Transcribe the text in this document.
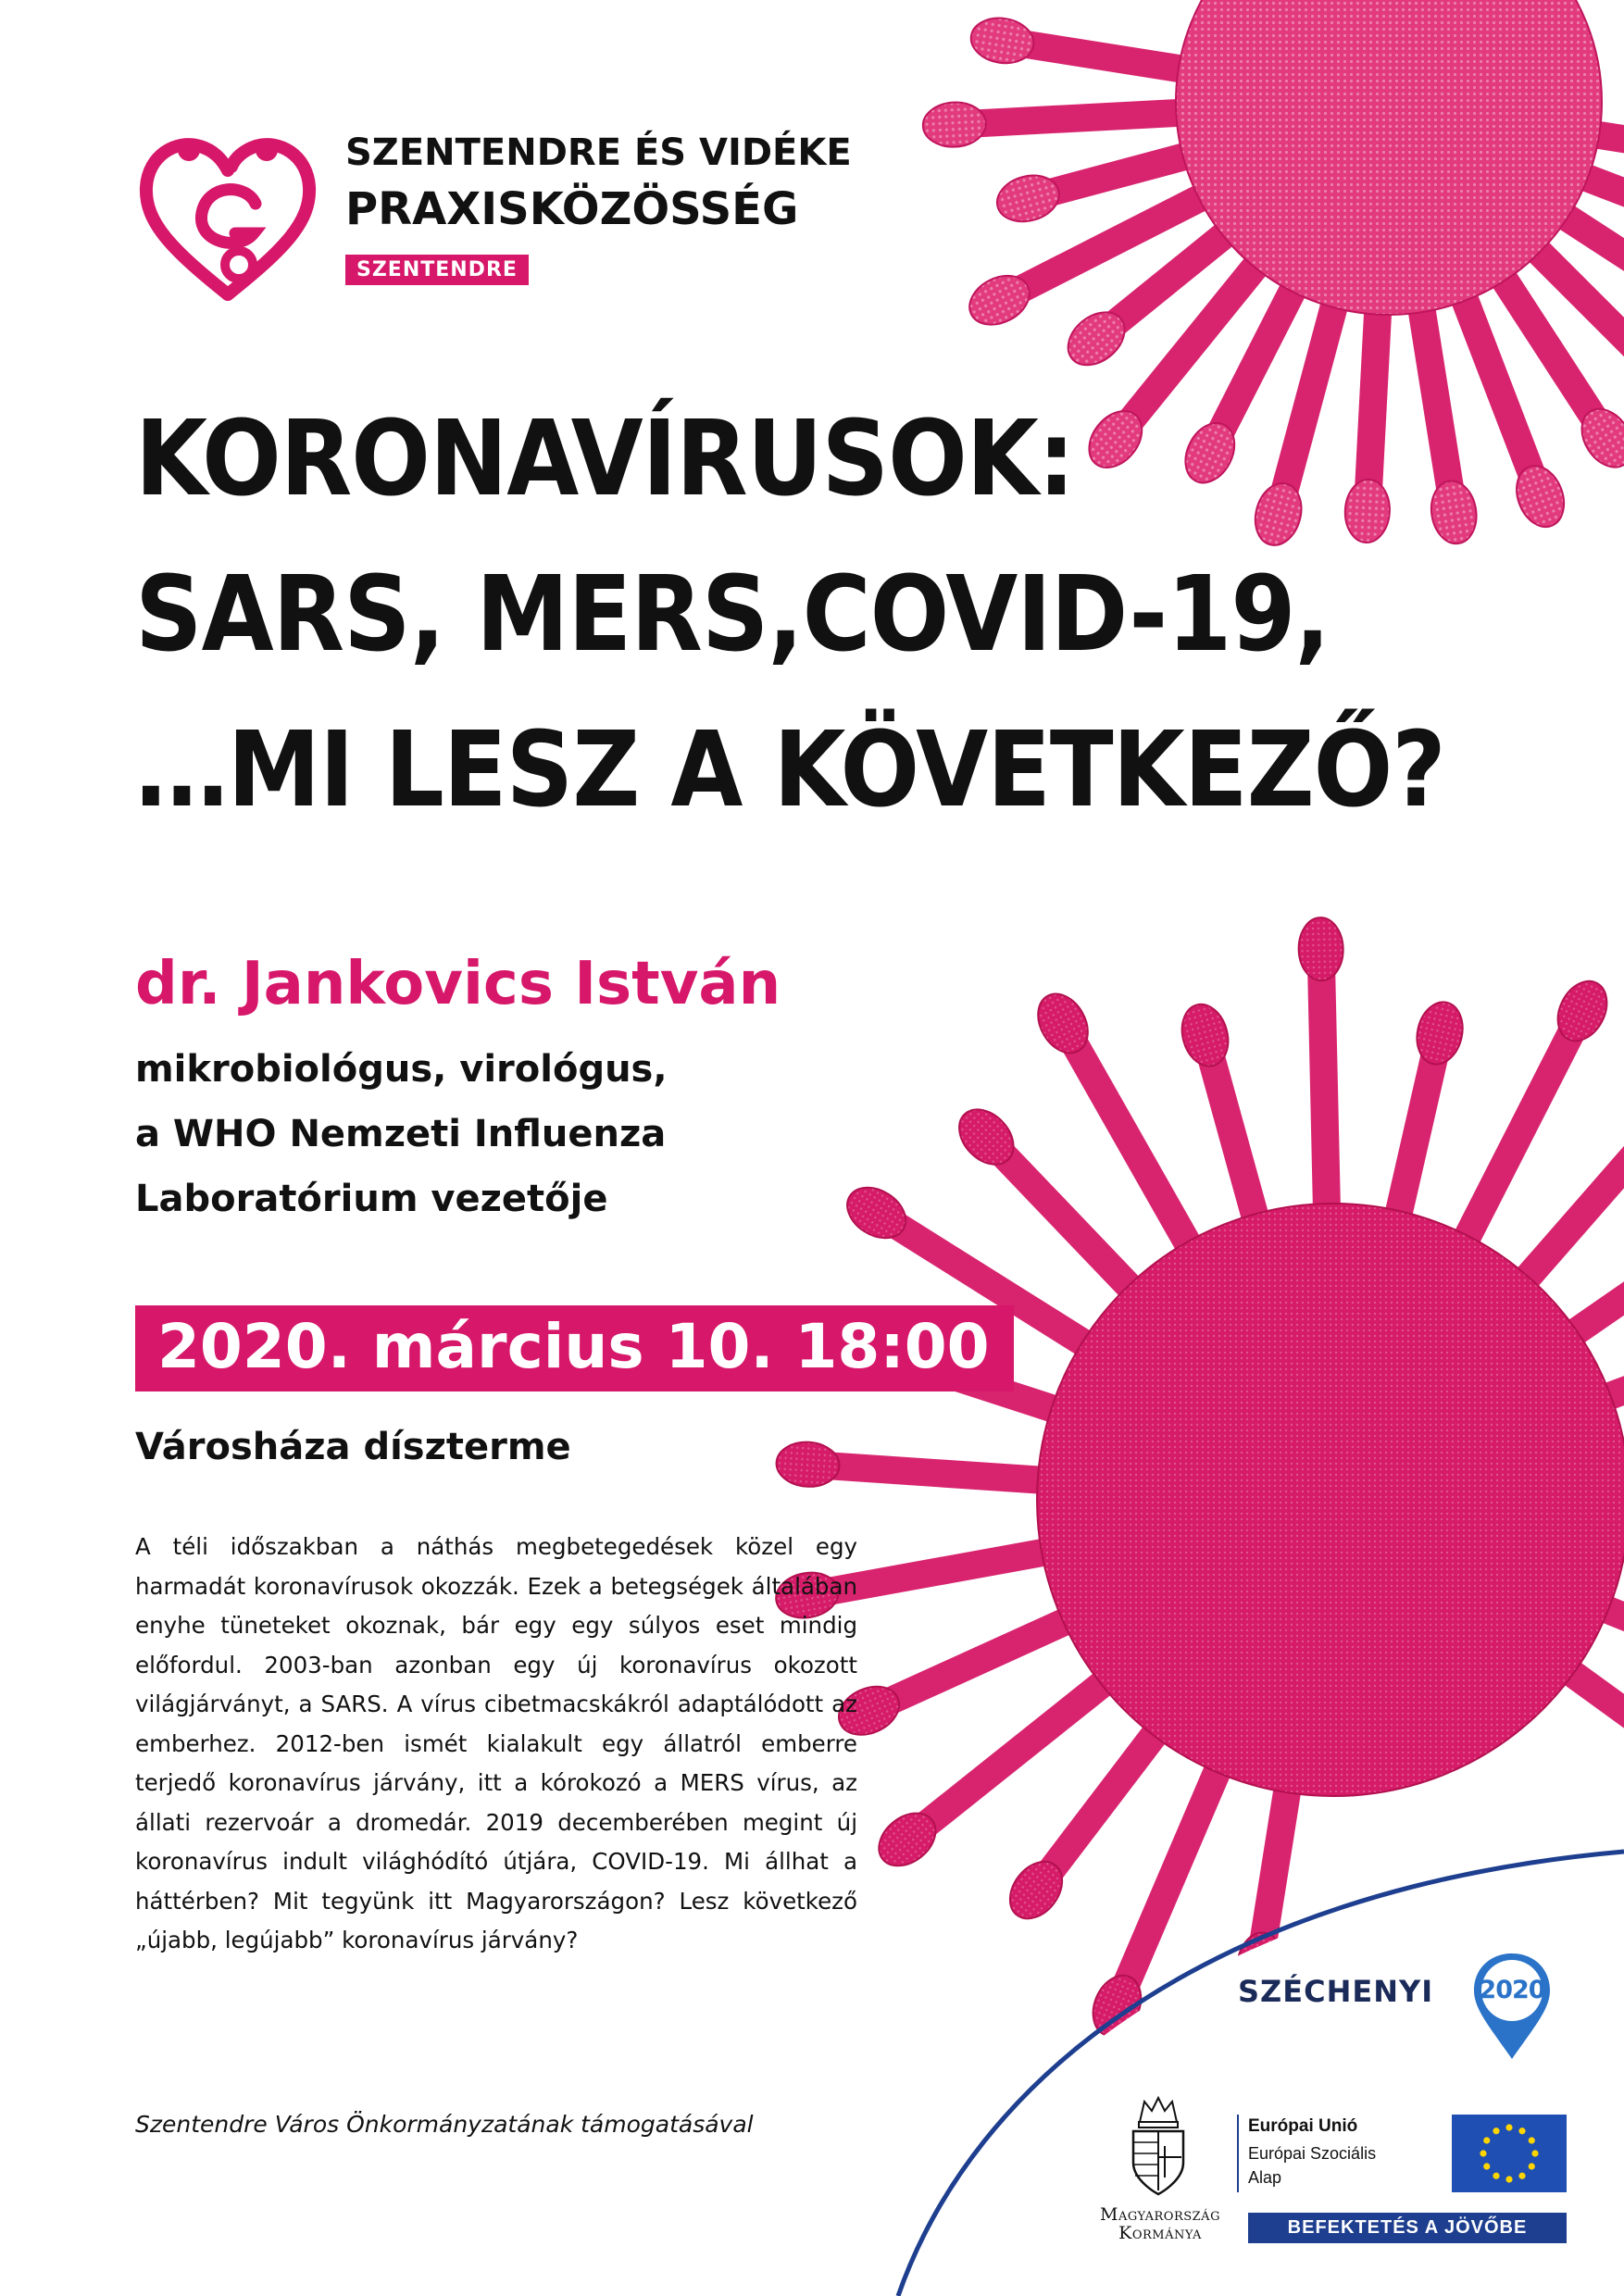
SZENTENDRE ÉS VIDÉKE
PRAXISKÖZÖSSÉG
SZENTENDRE
KORONAVÍRUSOK:
SARS, MERS,COVID-19,
…MI LESZ A KÖVETKEZŐ?
dr. Jankovics István
mikrobiológus, virológus,
a WHO Nemzeti Influenza
Laboratórium vezetője
2020. március 10. 18:00
Városháza díszterme
A téli időszakban a náthás megbetegedések közel egy harmadát koronavírusok okozzák. Ezek a betegségek általában enyhe tüneteket okoznak, bár egy egy súlyos eset mindig előfordul. 2003-ban azonban egy új koronavírus okozott világjárványt, a SARS. A vírus cibetmacskákról adaptálódott az emberhez. 2012-ben ismét kialakult egy állatról emberre terjedő koronavírus járvány, itt a kórokozó a MERS vírus, az állati rezervoár a dromedár. 2019 decemberében megint új koronavírus indult világhódító útjára, COVID-19. Mi állhat a háttérben? Mit tegyünk itt Magyarországon? Lesz következő „újabb, legújabb” koronavírus járvány?
Szentendre Város Önkormányzatának támogatásával
SZÉCHENYI	2020
Magyarország
Kormánya
Európai Unió
Európai Szociális
Alap
BEFEKTETÉS A JÖVŐBE
